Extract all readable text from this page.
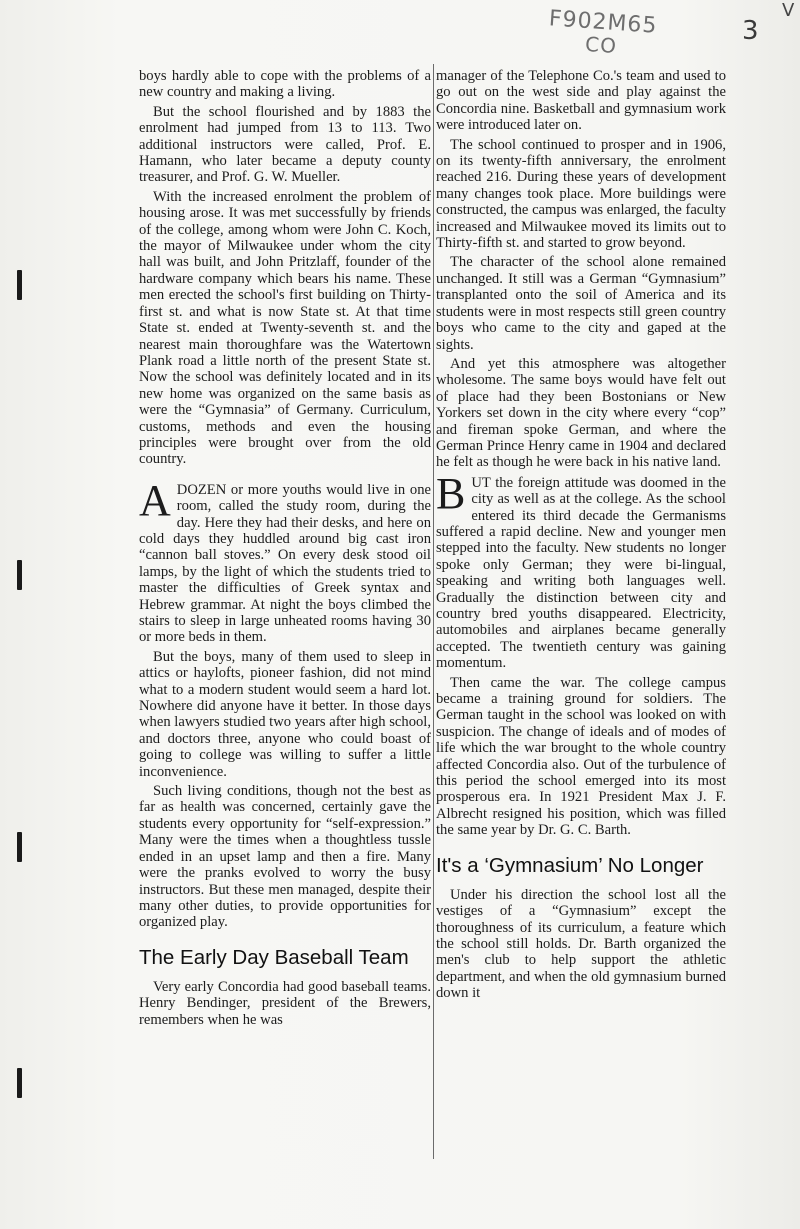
F902M65
CO	3
V

boys hardly able to cope with the problems of a new country and making a living.

But the school flourished and by 1883 the enrolment had jumped from 13 to 113. Two additional instructors were called, Prof. E. Hamann, who later became a deputy county treasurer, and Prof. G. W. Mueller.

With the increased enrolment the problem of housing arose. It was met successfully by friends of the college, among whom were John C. Koch, the mayor of Milwaukee under whom the city hall was built, and John Pritzlaff, founder of the hardware company which bears his name. These men erected the school's first building on Thirty-first st. and what is now State st. At that time State st. ended at Twenty-seventh st. and the nearest main thoroughfare was the Watertown Plank road a little north of the present State st. Now the school was definitely located and in its new home was organized on the same basis as were the “Gymnasia” of Germany. Curriculum, customs, methods and even the housing principles were brought over from the old country.

ADOZEN or more youths would live in one room, called the study room, during the day. Here they had their desks, and here on cold days they huddled around big cast iron “cannon ball stoves.” On every desk stood oil lamps, by the light of which the students tried to master the difficulties of Greek syntax and Hebrew grammar. At night the boys climbed the stairs to sleep in large unheated rooms having 30 or more beds in them.

But the boys, many of them used to sleep in attics or haylofts, pioneer fashion, did not mind what to a modern student would seem a hard lot. Nowhere did anyone have it better. In those days when lawyers studied two years after high school, and doctors three, anyone who could boast of going to college was willing to suffer a little inconvenience.

Such living conditions, though not the best as far as health was concerned, certainly gave the students every opportunity for “self-expression.” Many were the times when a thoughtless tussle ended in an upset lamp and then a fire. Many were the pranks evolved to worry the busy instructors. But these men managed, despite their many other duties, to provide opportunities for organized play.

The Early Day Baseball Team

Very early Concordia had good baseball teams. Henry Bendinger, president of the Brewers, remembers when he was

manager of the Telephone Co.'s team and used to go out on the west side and play against the Concordia nine. Basketball and gymnasium work were introduced later on.

The school continued to prosper and in 1906, on its twenty-fifth anniversary, the enrolment reached 216. During these years of development many changes took place. More buildings were constructed, the campus was enlarged, the faculty increased and Milwaukee moved its limits out to Thirty-fifth st. and started to grow beyond.

The character of the school alone remained unchanged. It still was a German “Gymnasium” transplanted onto the soil of America and its students were in most respects still green country boys who came to the city and gaped at the sights.

And yet this atmosphere was altogether wholesome. The same boys would have felt out of place had they been Bostonians or New Yorkers set down in the city where every “cop” and fireman spoke German, and where the German Prince Henry came in 1904 and declared he felt as though he were back in his native land.

BUT the foreign attitude was doomed in the city as well as at the college. As the school entered its third decade the Germanisms suffered a rapid decline. New and younger men stepped into the faculty. New students no longer spoke only German; they were bi-lingual, speaking and writing both languages well. Gradually the distinction between city and country bred youths disappeared. Electricity, automobiles and airplanes became generally accepted. The twentieth century was gaining momentum.

Then came the war. The college campus became a training ground for soldiers. The German taught in the school was looked on with suspicion. The change of ideals and of modes of life which the war brought to the whole country affected Concordia also. Out of the turbulence of this period the school emerged into its most prosperous era. In 1921 President Max J. F. Albrecht resigned his position, which was filled the same year by Dr. G. C. Barth.

It's a ‘Gymnasium’ No Longer

Under his direction the school lost all the vestiges of a “Gymnasium” except the thoroughness of its curriculum, a feature which the school still holds. Dr. Barth organized the men's club to help support the athletic department, and when the old gymnasium burned down it
